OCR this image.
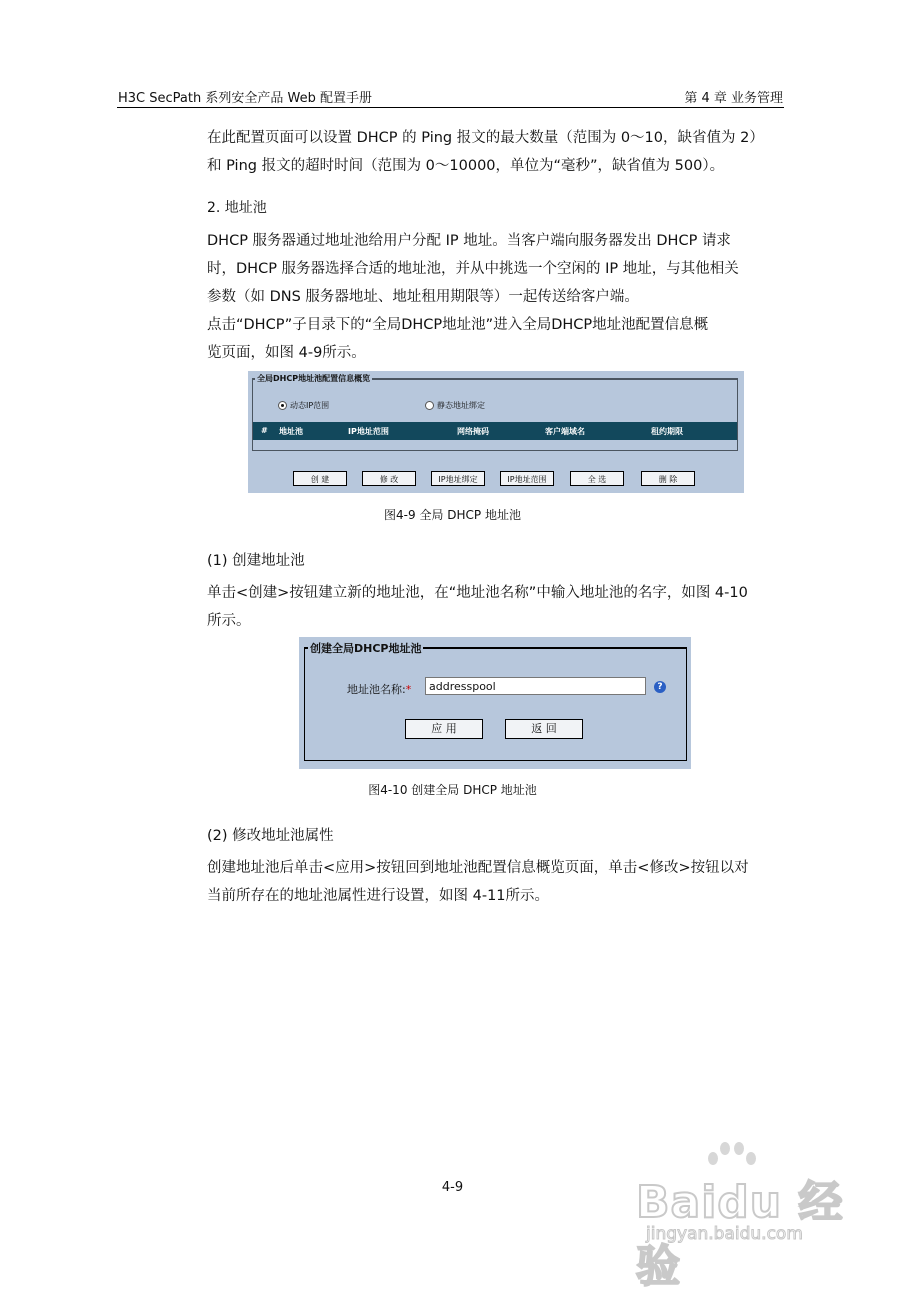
H3C SecPath 系列安全产品 Web 配置手册	第 4 章 业务管理

在此配置页面可以设置 DHCP 的 Ping 报文的最大数量（范围为 0～10，缺省值为 2）
和 Ping 报文的超时时间（范围为 0～10000，单位为“毫秒”，缺省值为 500）。

2. 地址池

DHCP 服务器通过地址池给用户分配 IP 地址。当客户端向服务器发出 DHCP 请求
时，DHCP 服务器选择合适的地址池，并从中挑选一个空闲的 IP 地址，与其他相关
参数（如 DNS 服务器地址、地址租用期限等）一起传送给客户端。

点击“DHCP”子目录下的“全局DHCP地址池”进入全局DHCP地址池配置信息概
览页面，如图 4-9所示。

全局DHCP地址池配置信息概览
动态IP范围	静态地址绑定
# 地址池	IP地址范围	网络掩码	客户端域名	租约期限
创 建	修 改	IP地址绑定	IP地址范围	全 选	删 除
图4-9 全局 DHCP 地址池
(1) 创建地址池

单击<创建>按钮建立新的地址池，在“地址池名称”中输入地址池的名字，如图 4-10
所示。

创建全局DHCP地址池
地址池名称:*
addresspool	?
应 用	返 回
图4-10 创建全局 DHCP 地址池
(2) 修改地址池属性

创建地址池后单击<应用>按钮回到地址池配置信息概览页面，单击<修改>按钮以对
当前所存在的地址池属性进行设置，如图 4-11所示。

4-9	Baidu 经验
jingyan.baidu.com
